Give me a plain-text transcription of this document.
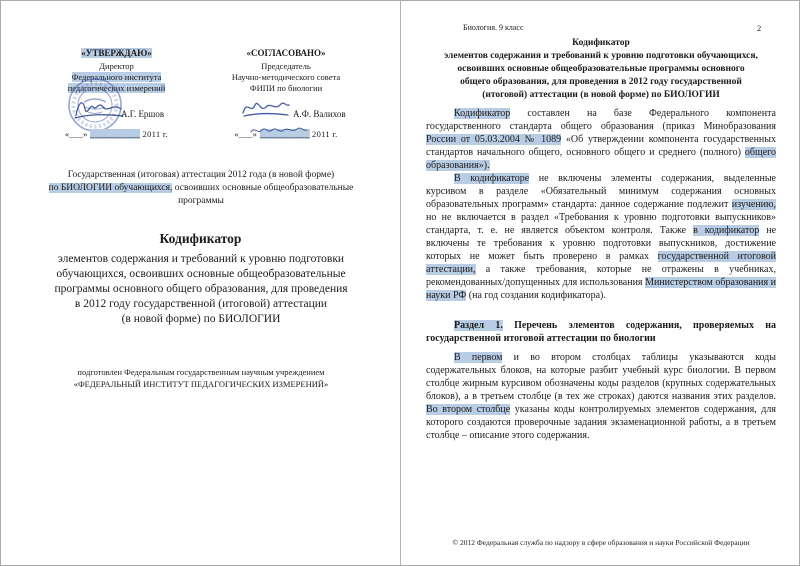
«УТВЕРЖДАЮ»
Директор
Федерального института
педагогических измерений
«СОГЛАСОВАНО»
Председатель
Научно-методического совета
ФИПИ по биологии
А.Г. Ершов
«___» ___________ 2011 г.
А.Ф. Валихов
«___» ___________ 2011 г.
Государственная (итоговая) аттестация 2012 года (в новой форме)
по БИОЛОГИИ обучающихся, освоивших основные общеобразовательные
программы
Кодификатор
элементов содержания и требований к уровню подготовки
обучающихся, освоивших основные общеобразовательные
программы основного общего образования, для проведения
в 2012 году государственной (итоговой) аттестации
(в новой форме) по БИОЛОГИИ
подготовлен Федеральным государственным научным учреждением
«ФЕДЕРАЛЬНЫЙ ИНСТИТУТ ПЕДАГОГИЧЕСКИХ ИЗМЕРЕНИЙ»
Биология. 9 класс	2
Кодификатор
элементов содержания и требований к уровню подготовки обучающихся,
освоивших основные общеобразовательные программы основного
общего образования, для проведения в 2012 году государственной
(итоговой) аттестации (в новой форме) по БИОЛОГИИ

Кодификатор составлен на базе Федерального компонента государственного стандарта общего образования (приказ Минобразования России от 05.03.2004 № 1089 «Об утверждении компонента государственных стандартов начального общего, основного общего и среднего (полного) общего образования»).

В кодификаторе не включены элементы содержания, выделенные курсивом в разделе «Обязательный минимум содержания основных образовательных программ» стандарта: данное содержание подлежит изучению, но не включается в раздел «Требования к уровню подготовки выпускников» стандарта, т. е. не является объектом контроля. Также в кодификатор не включены те требования к уровню подготовки выпускников, достижение которых не может быть проверено в рамках государственной итоговой аттестации, а также требования, которые не отражены в учебниках, рекомендованных/допущенных для использования Министерством образования и науки РФ (на год создания кодификатора).

Раздел 1. Перечень элементов содержания, проверяемых на государственной итоговой аттестации по биологии

В первом и во втором столбцах таблицы указываются коды содержательных блоков, на которые разбит учебный курс биологии. В первом столбце жирным курсивом обозначены коды разделов (крупных содержательных блоков), а в третьем столбце (в тех же строках) даются названия этих разделов. Во втором столбце указаны коды контролируемых элементов содержания, для которого создаются проверочные задания экзаменационной работы, а в третьем столбце – описание этого содержания.

© 2012 Федеральная служба по надзору в сфере образования и науки Российской Федерации
